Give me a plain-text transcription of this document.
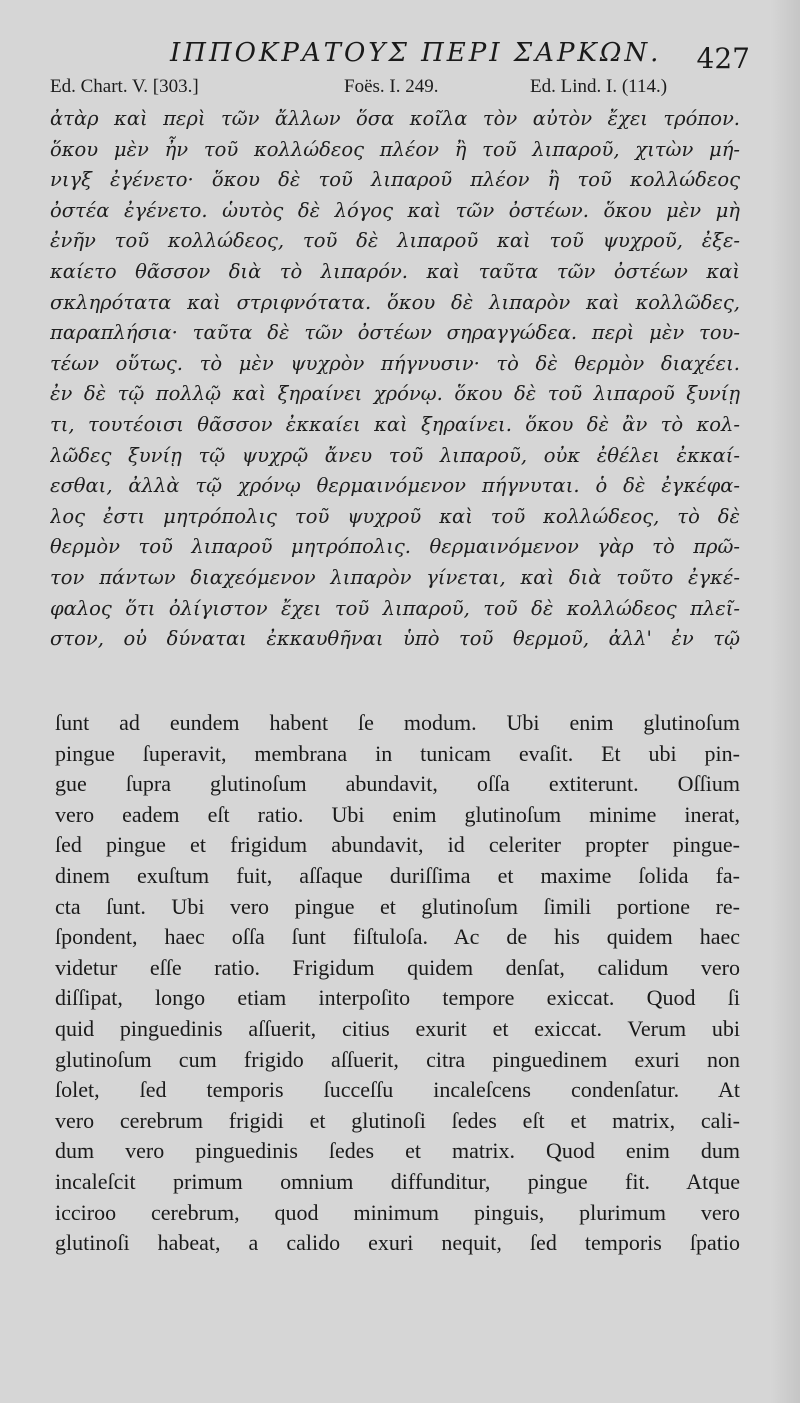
ΙΠΠΟΚΡΑΤΟΥΣ ΠΕΡΙ ΣΑΡΚΩΝ. 427
Ed. Chart. V. [303.]	Foës. I. 249.	Ed. Lind. I. (114.)
ἀτὰρ καὶ περὶ τῶν ἄλλων ὅσα κοῖλα τὸν αὐτὸν ἔχει τρόπον.
ὅκου μὲν ἦν τοῦ κολλώδεος πλέον ἢ τοῦ λιπαροῦ, χιτὼν μή-
νιγξ ἐγένετο· ὅκου δὲ τοῦ λιπαροῦ πλέον ἢ τοῦ κολλώδεος
ὀστέα ἐγένετο. ὡυτὸς δὲ λόγος καὶ τῶν ὀστέων. ὅκου μὲν μὴ
ἐνῆν τοῦ κολλώδεος, τοῦ δὲ λιπαροῦ καὶ τοῦ ψυχροῦ, ἐξε-
καίετο θᾶσσον διὰ τὸ λιπαρόν. καὶ ταῦτα τῶν ὀστέων καὶ
σκληρότατα καὶ στριφνότατα. ὅκου δὲ λιπαρὸν καὶ κολλῶδες,
παραπλήσια· ταῦτα δὲ τῶν ὀστέων σηραγγώδεα. περὶ μὲν του-
τέων οὕτως. τὸ μὲν ψυχρὸν πήγνυσιν· τὸ δὲ θερμὸν διαχέει.
ἐν δὲ τῷ πολλῷ καὶ ξηραίνει χρόνῳ. ὅκου δὲ τοῦ λιπαροῦ ξυνίῃ
τι, τουτέοισι θᾶσσον ἐκκαίει καὶ ξηραίνει. ὅκου δὲ ἂν τὸ κολ-
λῶδες ξυνίῃ τῷ ψυχρῷ ἄνευ τοῦ λιπαροῦ, οὐκ ἐθέλει ἐκκαί-
εσθαι, ἀλλὰ τῷ χρόνῳ θερμαινόμενον πήγνυται. ὁ δὲ ἐγκέφα-
λος ἐστι μητρόπολις τοῦ ψυχροῦ καὶ τοῦ κολλώδεος, τὸ δὲ
θερμὸν τοῦ λιπαροῦ μητρόπολις. θερμαινόμενον γὰρ τὸ πρῶ-
τον πάντων διαχεόμενον λιπαρὸν γίνεται, καὶ διὰ τοῦτο ἐγκέ-
φαλος ὅτι ὀλίγιστον ἔχει τοῦ λιπαροῦ, τοῦ δὲ κολλώδεος πλεῖ-
στον, οὐ δύναται ἐκκαυθῆναι ὑπὸ τοῦ θερμοῦ, ἀλλ' ἐν τῷ
ſunt ad eundem habent ſe modum. Ubi enim glutinoſum
pingue ſuperavit, membrana in tunicam evaſit. Et ubi pin-
gue ſupra glutinoſum abundavit, oſſa extiterunt. Oſſium
vero eadem eſt ratio. Ubi enim glutinoſum minime inerat,
ſed pingue et frigidum abundavit, id celeriter propter pingue-
dinem exuſtum fuit, aſſaque duriſſima et maxime ſolida fa-
cta ſunt. Ubi vero pingue et glutinoſum ſimili portione re-
ſpondent, haec oſſa ſunt fiſtuloſa. Ac de his quidem haec
videtur eſſe ratio. Frigidum quidem denſat, calidum vero
diſſipat, longo etiam interpoſito tempore exiccat. Quod ſi
quid pinguedinis aſſuerit, citius exurit et exiccat. Verum ubi
glutinoſum cum frigido aſſuerit, citra pinguedinem exuri non
ſolet, ſed temporis ſucceſſu incaleſcens condenſatur. At
vero cerebrum frigidi et glutinoſi ſedes eſt et matrix, cali-
dum vero pinguedinis ſedes et matrix. Quod enim dum
incaleſcit primum omnium diffunditur, pingue fit. Atque
icciroo cerebrum, quod minimum pinguis, plurimum vero
glutinoſi habeat, a calido exuri nequit, ſed temporis ſpatio
